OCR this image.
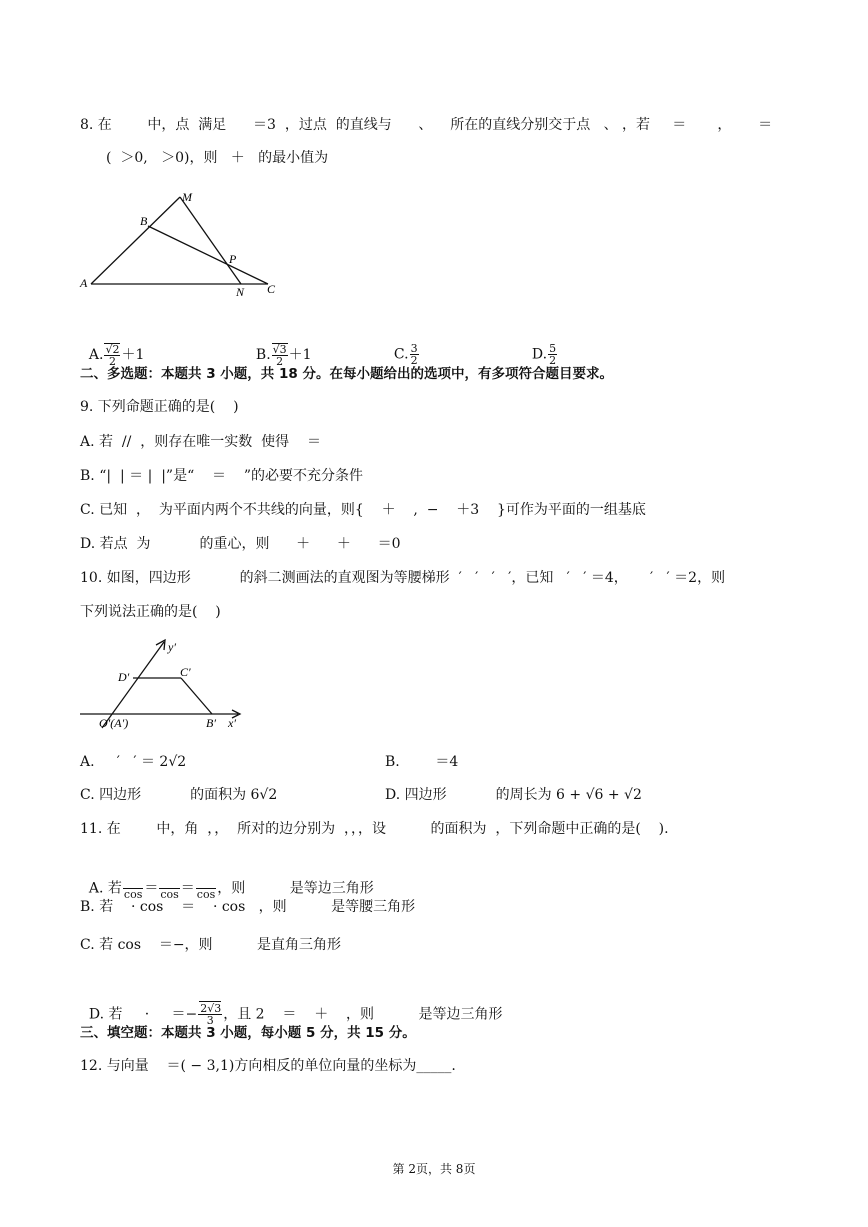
8. 在        中，点  满足      ＝3  ，过点  的直线与      、    所在的直线分别交于点   、 ，若     ＝       ，      ＝
(  ＞0,   ＞0)，则   ＋   的最小值为
A
B
M
P
N C

A. $\frac{√2}{2} +1$	B. $\frac{√3}{2} +1$	C. $\frac{3}{2}$	D. $\frac{5}{2}$

二、多选题：本题共 3 小题，共 18 分。在每小题给出的选项中，有多项符合题目要求。
9. 下列命题正确的是(    )
A. 若  //  ，则存在唯一实数  使得    ＝
B. “|  | ＝ |  |”是“    ＝    ”的必要不充分条件
C. 已知  ，  为平面内两个不共线的向量，则{    ＋    ,  −    ＋3    }可作为平面的一组基底
D. 若点  为           的重心，则      ＋      ＋      ＝0
10. 如图，四边形           的斜二测画法的直观图为等腰梯形  ′   ′   ′   ′，已知   ′   ′ ＝4，     ′   ′ ＝2，则
下列说法正确的是(    )
y′
D′	C′
O′(A′)	B′ x′
A.     ′   ′ ＝ 2√2	B.        ＝4
C. 四边形           的面积为 6√2	D. 四边形           的周长为 6 + √6 + √2
11. 在        中，角  ，，  所对的边分别为  ，，，设          的面积为  ，下列命题中正确的是(    ).

A. 若
cos ＝
cos ＝
cos ，则          是等边三角形

B. 若    · cos    ＝    · cos   ，则          是等腰三角形
C. 若 cos    ＝−，则          是直角三角形

D. 若     ·     ＝− $\frac{2√3}{3}$ ，且 2    ＝    ＋    ，则          是等边三角形

三、填空题：本题共 3 小题，每小题 5 分，共 15 分。
12. 与向量    ＝( − 3,1)方向相反的单位向量的坐标为_____.
第 2页，共 8页
